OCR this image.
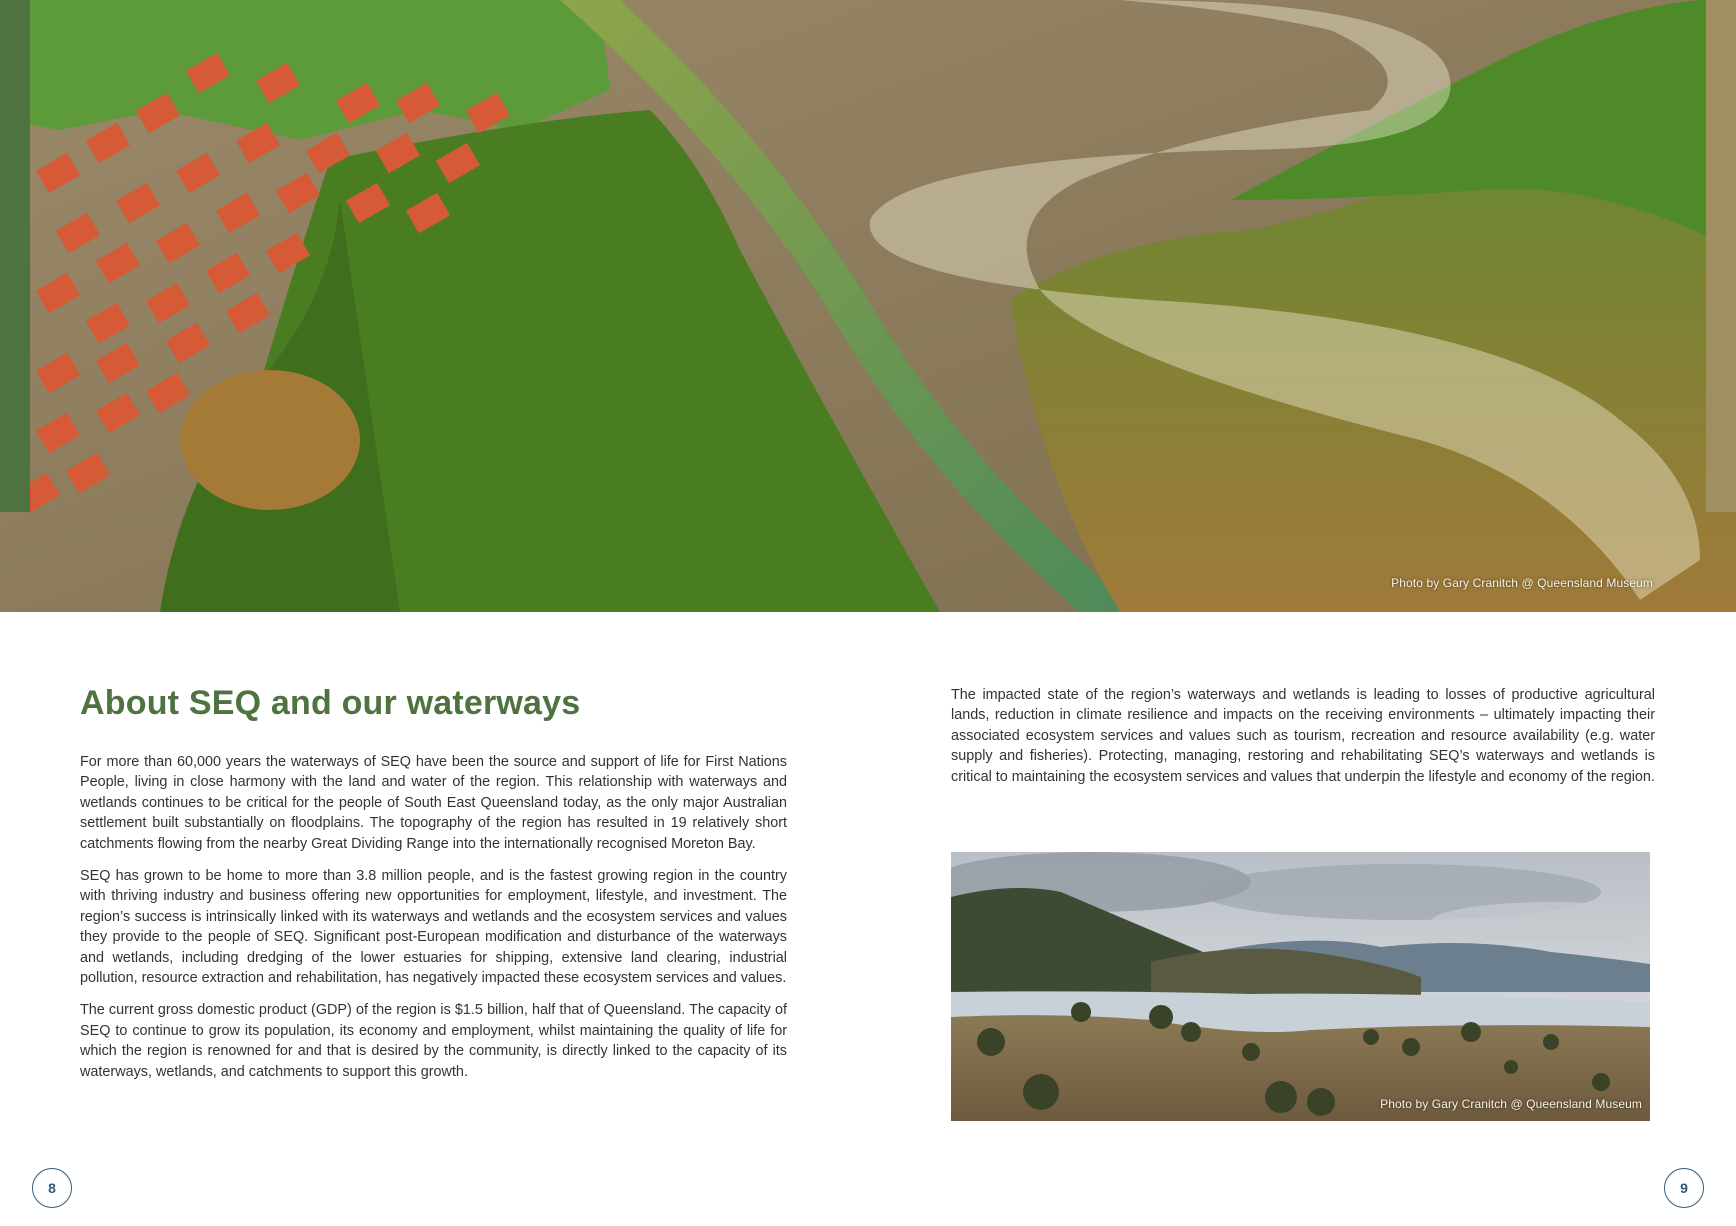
Photo by Gary Cranitch @ Queensland Museum
About SEQ and our waterways

For more than 60,000 years the waterways of SEQ have been the source and support of life for First Nations People, living in close harmony with the land and water of the region. This relationship with waterways and wetlands continues to be critical for the people of South East Queensland today, as the only major Australian settlement built substantially on floodplains. The topography of the region has resulted in 19 relatively short catchments flowing from the nearby Great Dividing Range into the internationally recognised Moreton Bay.

SEQ has grown to be home to more than 3.8 million people, and is the fastest growing region in the country with thriving industry and business offering new opportunities for employment, lifestyle, and investment. The region’s success is intrinsically linked with its waterways and wetlands and the ecosystem services and values they provide to the people of SEQ. Significant post-European modification and disturbance of the waterways and wetlands, including dredging of the lower estuaries for shipping, extensive land clearing, industrial pollution, resource extraction and rehabilitation, has negatively impacted these ecosystem services and values.

The current gross domestic product (GDP) of the region is $1.5 billion, half that of Queensland. The capacity of SEQ to continue to grow its population, its economy and employment, whilst maintaining the quality of life for which the region is renowned for and that is desired by the community, is directly linked to the capacity of its waterways, wetlands, and catchments to support this growth.

The impacted state of the region’s waterways and wetlands is leading to losses of productive agricultural lands, reduction in climate resilience and impacts on the receiving environments – ultimately impacting their associated ecosystem services and values such as tourism, recreation and resource availability (e.g. water supply and fisheries). Protecting, managing, restoring and rehabilitating SEQ’s waterways and wetlands is critical to maintaining the ecosystem services and values that underpin the lifestyle and economy of the region.

Photo by Gary Cranitch @ Queensland Museum
8	9
